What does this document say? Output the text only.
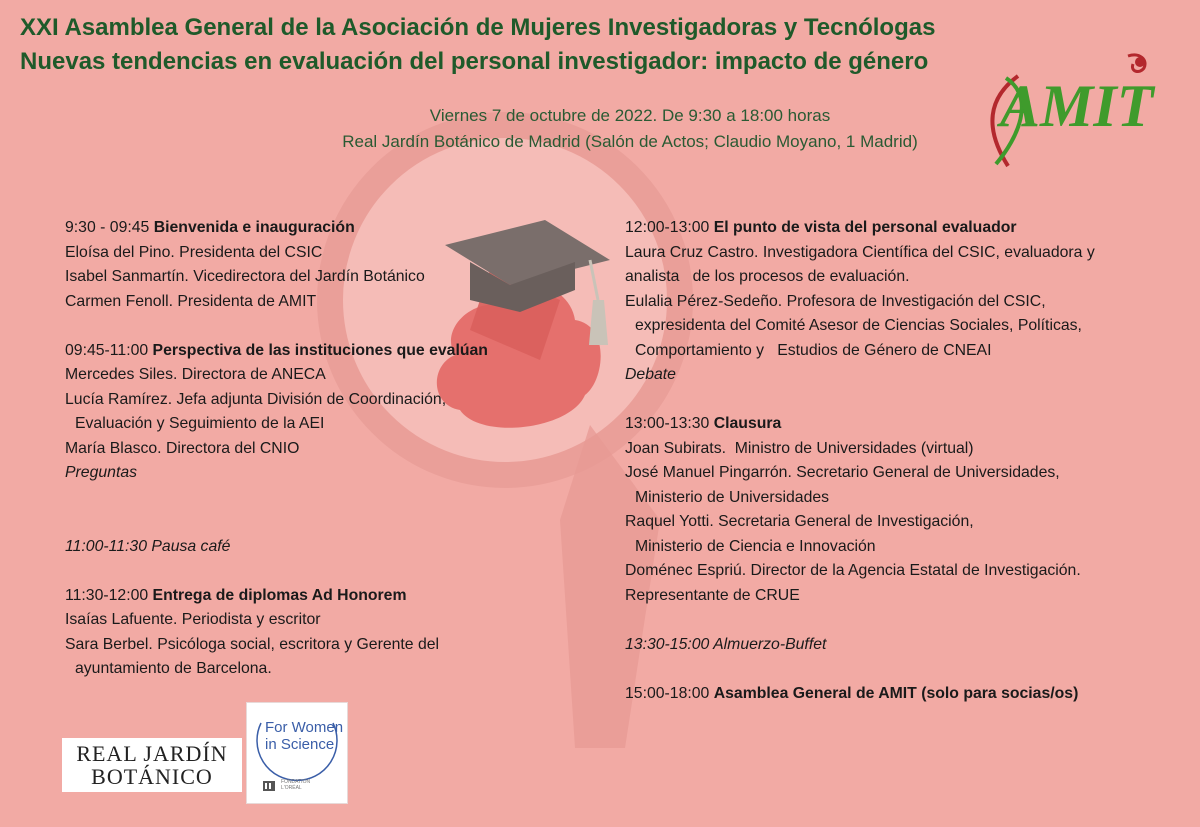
XXI Asamblea General de la Asociación de Mujeres Investigadoras y Tecnólogas
Nuevas tendencias en evaluación del personal investigador: impacto de género
Viernes 7 de octubre de 2022. De 9:30 a 18:00 horas
Real Jardín Botánico de Madrid (Salón de Actos; Claudio Moyano, 1 Madrid)
AMIT
9:30 - 09:45 Bienvenida e inauguración
Eloísa del Pino. Presidenta del CSIC
Isabel Sanmartín. Vicedirectora del Jardín Botánico
Carmen Fenoll. Presidenta de AMIT
09:45-11:00 Perspectiva de las instituciones que evalúan
Mercedes Siles. Directora de ANECA
Lucía Ramírez. Jefa adjunta División de Coordinación,
Evaluación y Seguimiento de la AEI
María Blasco. Directora del CNIO
Preguntas
11:00-11:30 Pausa café
11:30-12:00 Entrega de diplomas Ad Honorem
Isaías Lafuente. Periodista y escritor
Sara Berbel. Psicóloga social, escritora y Gerente del
ayuntamiento de Barcelona.
12:00-13:00 El punto de vista del personal evaluador
Laura Cruz Castro. Investigadora Científica del CSIC, evaluadora y
analista   de los procesos de evaluación.
Eulalia Pérez-Sedeño. Profesora de Investigación del CSIC,
expresidenta del Comité Asesor de Ciencias Sociales, Políticas,
Comportamiento y   Estudios de Género de CNEAI
Debate
13:00-13:30 Clausura
Joan Subirats.  Ministro de Universidades (virtual)
José Manuel Pingarrón. Secretario General de Universidades,
Ministerio de Universidades
Raquel Yotti. Secretaria General de Investigación,
Ministerio de Ciencia e Innovación
Doménec Espriú. Director de la Agencia Estatal de Investigación.
Representante de CRUE
13:30-15:00 Almuerzo-Buffet
15:00-18:00 Asamblea General de AMIT (solo para socias/os)
REAL JARDÍN
BOTÁNICO
For Women
in Science
FONDATION
L'ORÉAL
